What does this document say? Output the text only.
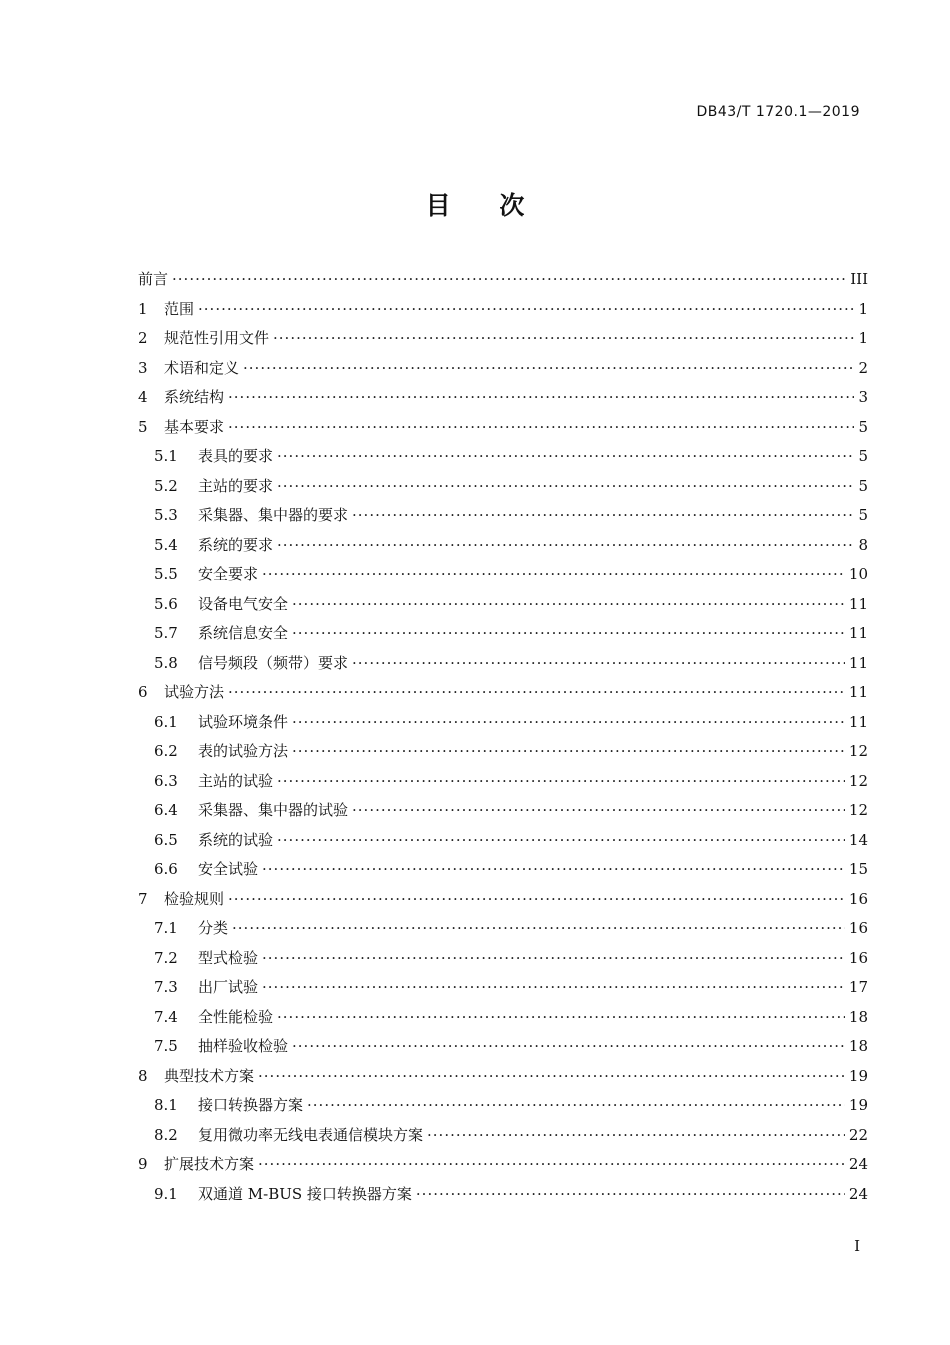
DB43/T 1720.1—2019
目 次
前言 ·····	III
1	范围 ·····	1
2	规范性引用文件 ·····	1
3	术语和定义 ·····	2
4	系统结构 ·····	3
5	基本要求 ·····	5
5.1	表具的要求 ·····	5
5.2	主站的要求 ·····	5
5.3	采集器、集中器的要求 ·····	5
5.4	系统的要求 ·····	8
5.5	安全要求 ·····	10
5.6	设备电气安全 ·····	11
5.7	系统信息安全 ·····	11
5.8	信号频段（频带）要求 ·····	11
6	试验方法 ·····	11
6.1	试验环境条件 ·····	11
6.2	表的试验方法 ·····	12
6.3	主站的试验 ·····	12
6.4	采集器、集中器的试验 ·····	12
6.5	系统的试验 ·····	14
6.6	安全试验 ·····	15
7	检验规则 ·····	16
7.1	分类 ·····	16
7.2	型式检验 ·····	16
7.3	出厂试验 ·····	17
7.4	全性能检验 ·····	18
7.5	抽样验收检验 ·····	18
8	典型技术方案 ·····	19
8.1	接口转换器方案 ·····	19
8.2	复用微功率无线电表通信模块方案 ·····	22
9	扩展技术方案 ·····	24
9.1	双通道 M-BUS 接口转换器方案 ·····	24
I
